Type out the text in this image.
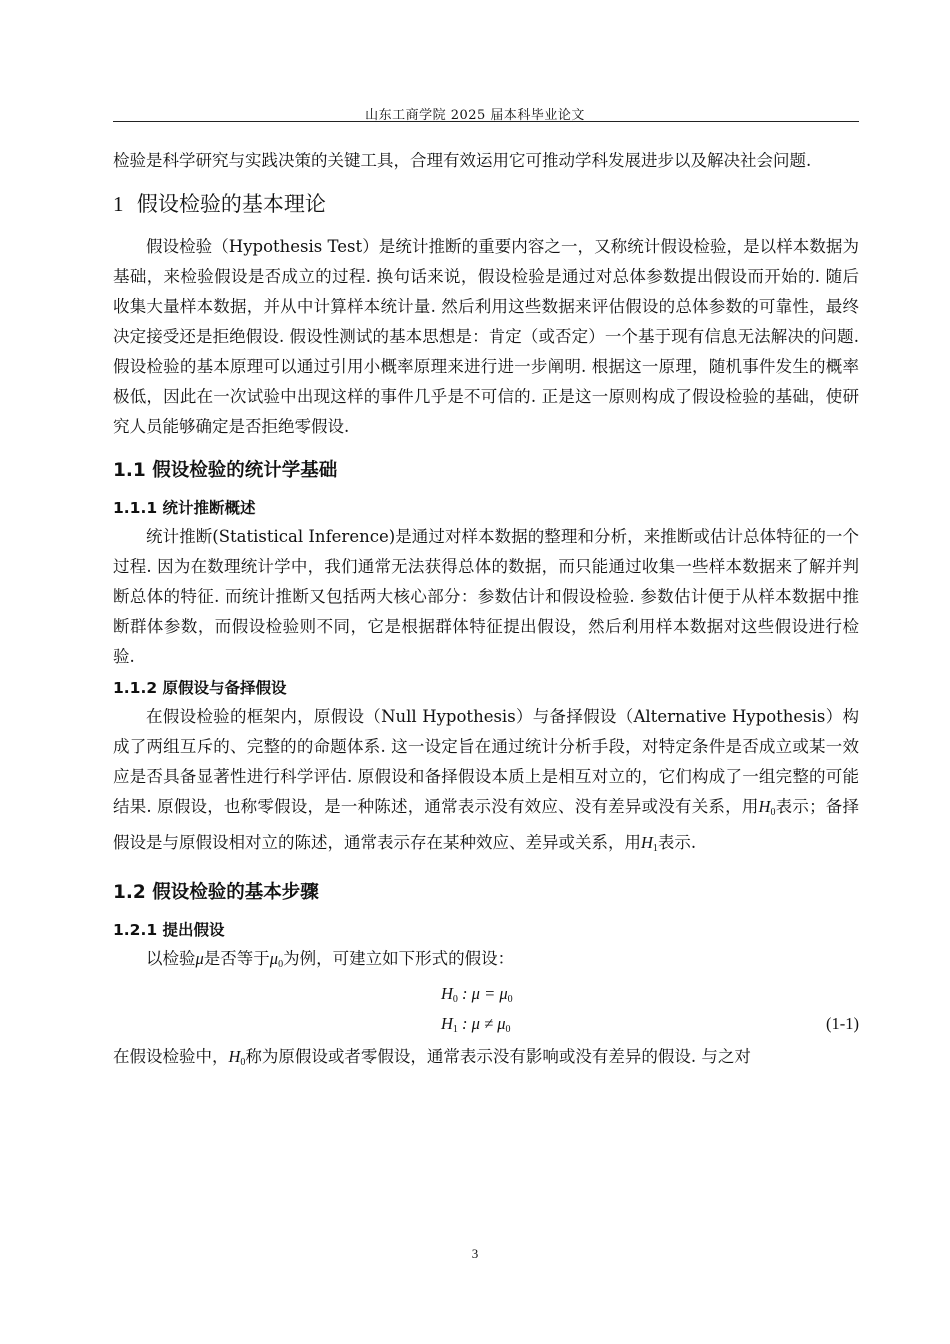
山东工商学院 2025 届本科毕业论文

检验是科学研究与实践决策的关键工具，合理有效运用它可推动学科发展进步以及解决社会问题.

1 假设检验的基本理论

假设检验（Hypothesis Test）是统计推断的重要内容之一，又称统计假设检验，是以样本数据为基础，来检验假设是否成立的过程. 换句话来说，假设检验是通过对总体参数提出假设而开始的. 随后收集大量样本数据，并从中计算样本统计量. 然后利用这些数据来评估假设的总体参数的可靠性，最终决定接受还是拒绝假设. 假设性测试的基本思想是：肯定（或否定）一个基于现有信息无法解决的问题. 假设检验的基本原理可以通过引用小概率原理来进行进一步阐明. 根据这一原理，随机事件发生的概率极低，因此在一次试验中出现这样的事件几乎是不可信的. 正是这一原则构成了假设检验的基础，使研究人员能够确定是否拒绝零假设.

1.1 假设检验的统计学基础
1.1.1 统计推断概述

统计推断(Statistical Inference)是通过对样本数据的整理和分析，来推断或估计总体特征的一个过程. 因为在数理统计学中，我们通常无法获得总体的数据，而只能通过收集一些样本数据来了解并判断总体的特征. 而统计推断又包括两大核心部分：参数估计和假设检验. 参数估计便于从样本数据中推断群体参数，而假设检验则不同，它是根据群体特征提出假设，然后利用样本数据对这些假设进行检验.

1.1.2 原假设与备择假设

在假设检验的框架内，原假设（Null Hypothesis）与备择假设（Alternative Hypothesis）构成了两组互斥的、完整的的命题体系. 这一设定旨在通过统计分析手段，对特定条件是否成立或某一效应是否具备显著性进行科学评估. 原假设和备择假设本质上是相互对立的，它们构成了一组完整的可能结果. 原假设，也称零假设，是一种陈述，通常表示没有效应、没有差异或没有关系，用$H_0$表示；备择假设是与原假设相对立的陈述，通常表示存在某种效应、差异或关系，用$H_1$表示.

1.2 假设检验的基本步骤
1.2.1 提出假设

以检验μ是否等于$\mu_0$为例，可建立如下形式的假设：

$H_0$ : $\mu = \mu_0$
$H_1$ : $\mu \ne \mu_0$	(1-1)

在假设检验中，$H_0$称为原假设或者零假设，通常表示没有影响或没有差异的假设. 与之对

3
